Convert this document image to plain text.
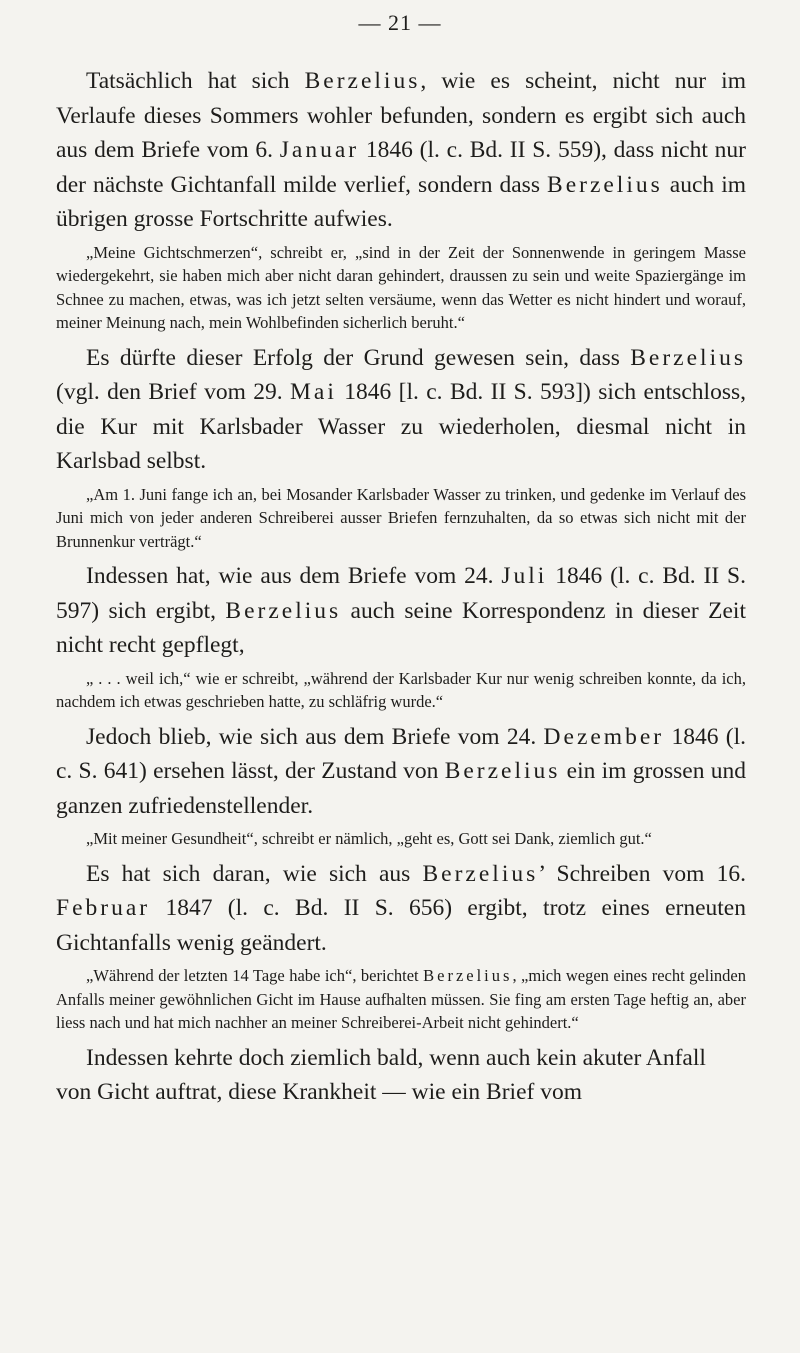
— 21 —

Tatsächlich hat sich Berzelius, wie es scheint, nicht nur im Verlaufe dieses Sommers wohler befunden, sondern es ergibt sich auch aus dem Briefe vom 6. Januar 1846 (l. c. Bd. II S. 559), dass nicht nur der nächste Gichtanfall milde verlief, sondern dass Berzelius auch im übrigen grosse Fortschritte aufwies.

„Meine Gichtschmerzen“, schreibt er, „sind in der Zeit der Sonnenwende in geringem Masse wiedergekehrt, sie haben mich aber nicht daran gehindert, draussen zu sein und weite Spaziergänge im Schnee zu machen, etwas, was ich jetzt selten versäume, wenn das Wetter es nicht hindert und worauf, meiner Meinung nach, mein Wohlbefinden sicherlich beruht.“

Es dürfte dieser Erfolg der Grund gewesen sein, dass Berzelius (vgl. den Brief vom 29. Mai 1846 [l. c. Bd. II S. 593]) sich entschloss, die Kur mit Karlsbader Wasser zu wiederholen, diesmal nicht in Karlsbad selbst.

„Am 1. Juni fange ich an, bei Mosander Karlsbader Wasser zu trinken, und gedenke im Verlauf des Juni mich von jeder anderen Schreiberei ausser Briefen fernzuhalten, da so etwas sich nicht mit der Brunnenkur verträgt.“

Indessen hat, wie aus dem Briefe vom 24. Juli 1846 (l. c. Bd. II S. 597) sich ergibt, Berzelius auch seine Korrespondenz in dieser Zeit nicht recht gepflegt,

„ . . . weil ich,“ wie er schreibt, „während der Karlsbader Kur nur wenig schreiben konnte, da ich, nachdem ich etwas geschrieben hatte, zu schläfrig wurde.“

Jedoch blieb, wie sich aus dem Briefe vom 24. Dezember 1846 (l. c. S. 641) ersehen lässt, der Zustand von Berzelius ein im grossen und ganzen zufriedenstellender.

„Mit meiner Gesundheit“, schreibt er nämlich, „geht es, Gott sei Dank, ziemlich gut.“

Es hat sich daran, wie sich aus Berzelius’ Schreiben vom 16. Februar 1847 (l. c. Bd. II S. 656) ergibt, trotz eines erneuten Gichtanfalls wenig geändert.

„Während der letzten 14 Tage habe ich“, berichtet Berzelius, „mich wegen eines recht gelinden Anfalls meiner gewöhnlichen Gicht im Hause aufhalten müssen. Sie fing am ersten Tage heftig an, aber liess nach und hat mich nachher an meiner Schreiberei-Arbeit nicht gehindert.“

Indessen kehrte doch ziemlich bald, wenn auch kein akuter Anfall von Gicht auftrat, diese Krankheit — wie ein Brief vom
